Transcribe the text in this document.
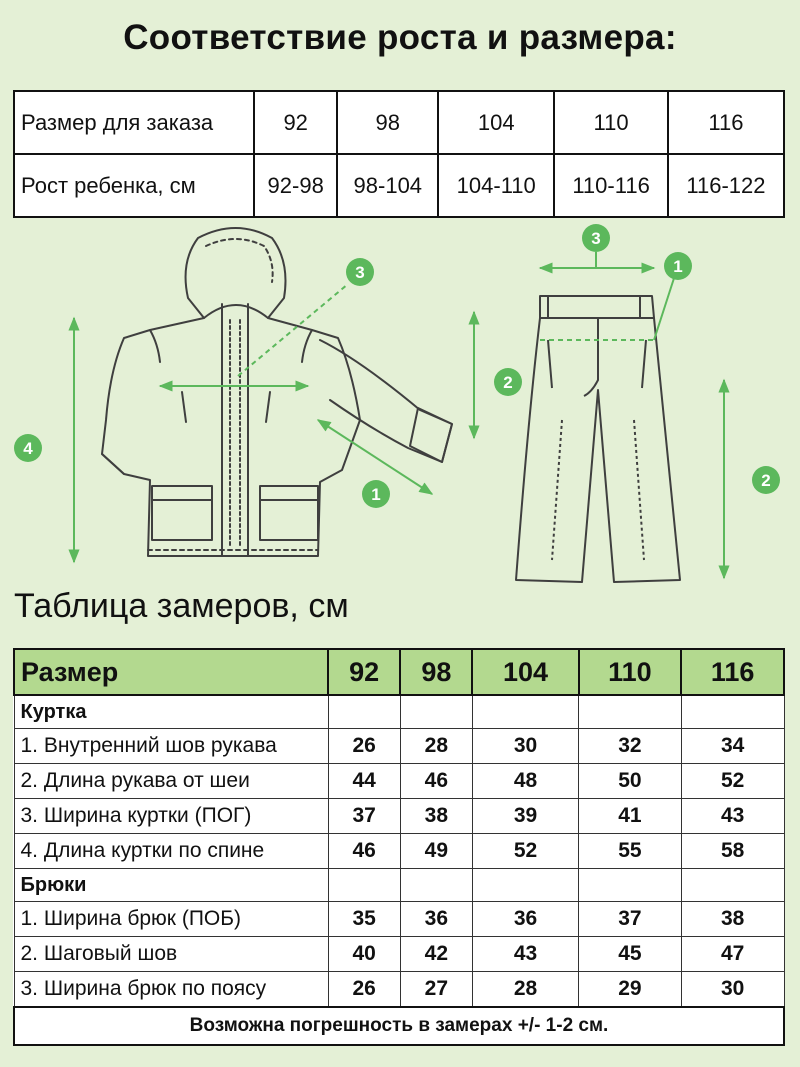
Соответствие роста и размера:
Размер для заказа	92	98	104	110	116
Рост ребенка, см	92-98	98-104	104-110	110-116	116-122
4
3
2
1
3
1
2
Таблица замеров, см
Размер	92	98	104	110	116
Куртка					
1. Внутренний шов рукава	26	28	30	32	34
2. Длина рукава от шеи	44	46	48	50	52
3. Ширина куртки (ПОГ)	37	38	39	41	43
4. Длина куртки по спине	46	49	52	55	58
Брюки					
1. Ширина брюк (ПОБ)	35	36	36	37	38
2. Шаговый шов	40	42	43	45	47
3. Ширина брюк по поясу	26	27	28	29	30
Возможна погрешность в замерах +/- 1-2 см.					
